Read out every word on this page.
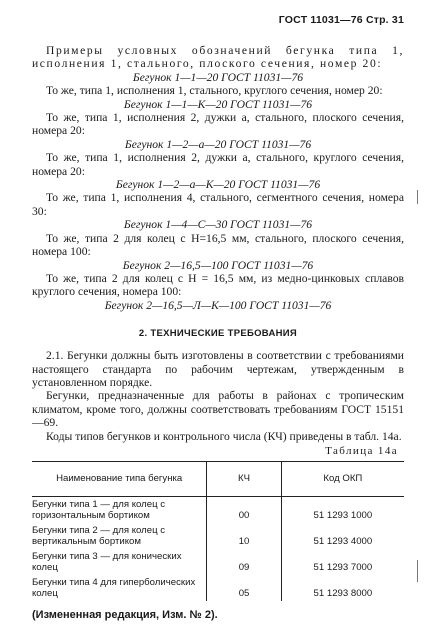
ГОСТ 11031—76 Стр. 31

Примеры условных обозначений бегунка типа 1, исполнения 1, стального, плоского сечения, номер 20:

Бегунок 1—1—20 ГОСТ 11031—76

То же, типа 1, исполнения 1, стального, круглого сечения, номер 20:

Бегунок 1—1—К—20 ГОСТ 11031—76

То же, типа 1, исполнения 2, дужки а, стального, плоского сечения, номера 20:

Бегунок 1—2—а—20 ГОСТ 11031—76

То же, типа 1, исполнения 2, дужки а, стального, круглого сечения, номера 20:

Бегунок 1—2—а—К—20 ГОСТ 11031—76

То же, типа 1, исполнения 4, стального, сегментного сечения, номера 30:

Бегунок 1—4—С—30 ГОСТ 11031—76

То же, типа 2 для колец с Н=16,5 мм, стального, плоского сечения, номера 100:

Бегунок 2—16,5—100 ГОСТ 11031—76

То же, типа 2 для колец с Н = 16,5 мм, из медно-цинковых сплавов круглого сечения, номера 100:

Бегунок 2—16,5—Л—К—100 ГОСТ 11031—76

2. ТЕХНИЧЕСКИЕ ТРЕБОВАНИЯ

2.1. Бегунки должны быть изготовлены в соответствии с требованиями настоящего стандарта по рабочим чертежам, утвержденным в установленном порядке.

Бегунки, предназначенные для работы в районах с тропическим климатом, кроме того, должны соответствовать требованиям ГОСТ 15151—69.

Коды типов бегунков и контрольного числа (КЧ) приведены в табл. 14а.

Таблица 14а
Наименование типа бегунка	КЧ	Код ОКП
Бегунки типа 1 — для колец с горизонтальным бортиком	00	51 1293 1000
Бегунки типа 2 — для колец с вертикальным бортиком	10	51 1293 4000
Бегунки типа 3 — для конических колец	09	51 1293 7000
Бегунки типа 4 для гиперболических колец	05	51 1293 8000
(Измененная редакция, Изм. № 2).
